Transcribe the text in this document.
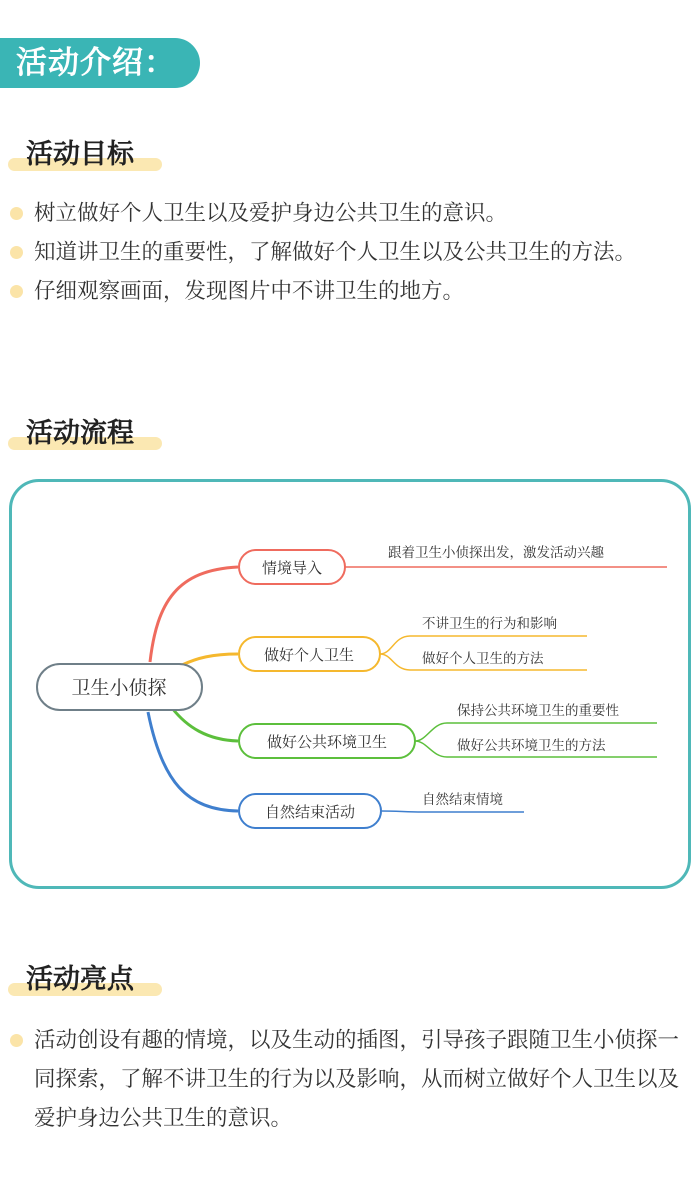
活动介绍：
活动目标
树立做好个人卫生以及爱护身边公共卫生的意识。
知道讲卫生的重要性，了解做好个人卫生以及公共卫生的方法。
仔细观察画面，发现图片中不讲卫生的地方。
活动流程
卫生小侦探
情境导入
做好个人卫生
做好公共环境卫生
自然结束活动
跟着卫生小侦探出发，激发活动兴趣
不讲卫生的行为和影响
做好个人卫生的方法
保持公共环境卫生的重要性
做好公共环境卫生的方法
自然结束情境
活动亮点
活动创设有趣的情境，以及生动的插图，引导孩子跟随卫生小侦探一同探索，了解不讲卫生的行为以及影响，从而树立做好个人卫生以及爱护身边公共卫生的意识。
